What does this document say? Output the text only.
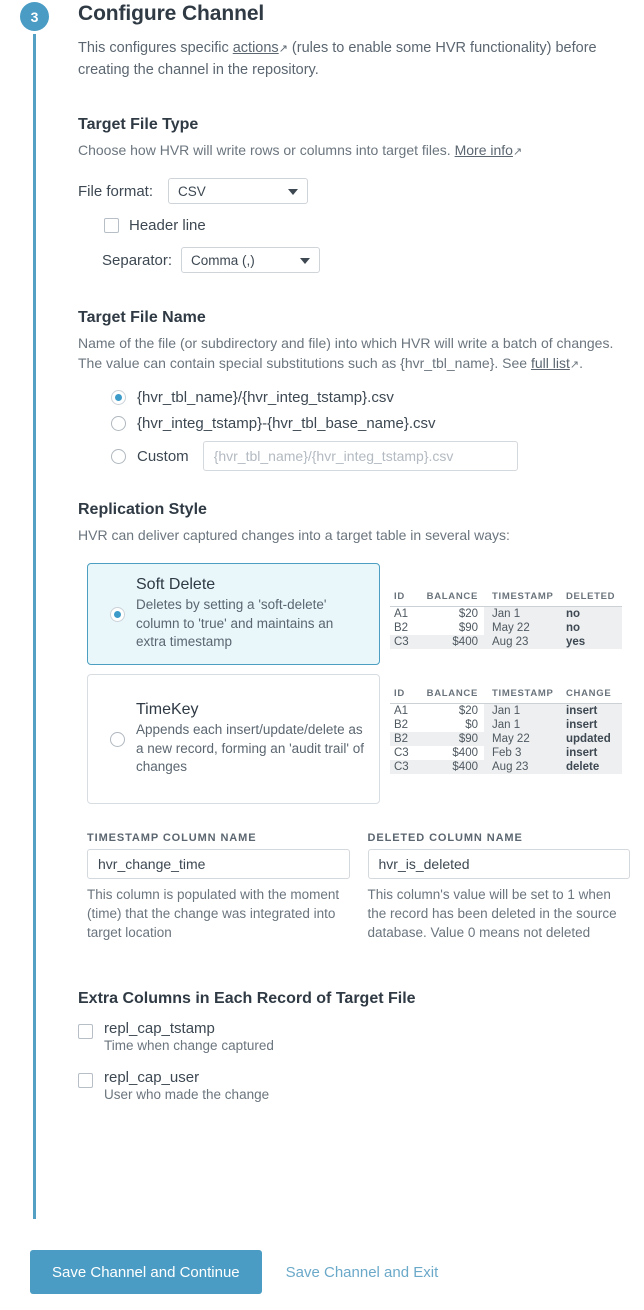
3	Configure Channel

This configures specific actions↗ (rules to enable some HVR functionality) before creating the channel in the repository.

Target File Type

Choose how HVR will write rows or columns into target files. More info↗

File format:	CSV
Header line
Separator: Comma (,)
Target File Name

Name of the file (or subdirectory and file) into which HVR will write a batch of changes. The value can contain special substitutions such as {hvr_tbl_name}. See full list↗.

{hvr_tbl_name}/{hvr_integ_tstamp}.csv
{hvr_integ_tstamp}-{hvr_tbl_base_name}.csv
Custom
{hvr_tbl_name}/{hvr_integ_tstamp}.csv
Replication Style

HVR can deliver captured changes into a target table in several ways:

Soft Delete
Deletes by setting a 'soft-delete' column to 'true' and maintains an extra timestamp
ID	BALANCE	TIMESTAMP	DELETED
A1	$20	Jan 1	no
B2	$90	May 22	no
C3	$400	Aug 23	yes
TimeKey
Appends each insert/update/delete as a new record, forming an 'audit trail' of changes
ID	BALANCE	TIMESTAMP	CHANGE
A1	$20	Jan 1	insert
B2	$0	Jan 1	insert
B2	$90	May 22	updated
C3	$400	Feb 3	insert
C3	$400	Aug 23	delete
TIMESTAMP COLUMN NAME
hvr_change_time
This column is populated with the moment (time) that the change was integrated into target location
DELETED COLUMN NAME
hvr_is_deleted
This column's value will be set to 1 when the record has been deleted in the source database. Value 0 means not deleted
Extra Columns in Each Record of Target File
repl_cap_tstamp
Time when change captured
repl_cap_user
User who made the change
Save Channel and Continue	Save Channel and Exit
